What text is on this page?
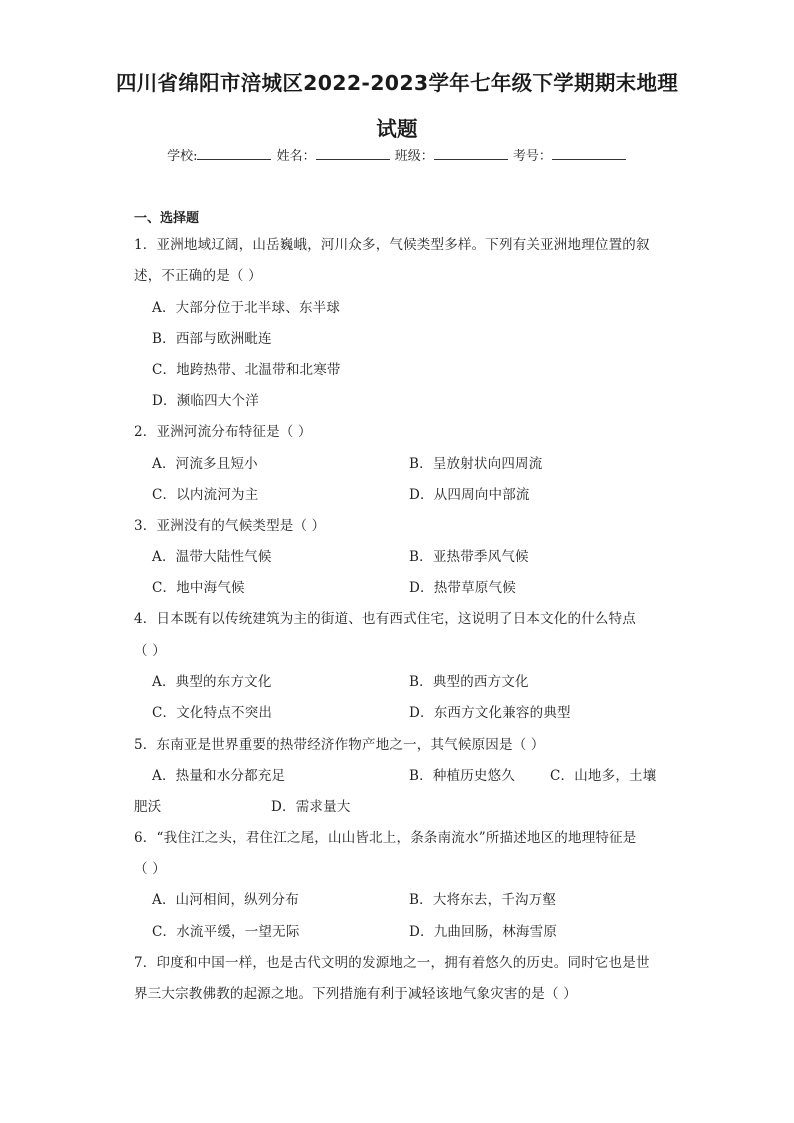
四川省绵阳市涪城区2022-2023学年七年级下学期期末地理
试题
学校:	姓名：	班级：	考号：
一、选择题
1．亚洲地域辽阔，山岳巍峨，河川众多，气候类型多样。下列有关亚洲地理位置的叙
述，不正确的是（ ）
A．大部分位于北半球、东半球
B．西部与欧洲毗连
C．地跨热带、北温带和北寒带
D．濒临四大个洋
2．亚洲河流分布特征是（ ）
A．河流多且短小	B．呈放射状向四周流
C．以内流河为主	D．从四周向中部流
3．亚洲没有的气候类型是（ ）
A．温带大陆性气候	B．亚热带季风气候
C．地中海气候	D．热带草原气候
4．日本既有以传统建筑为主的街道、也有西式住宅，这说明了日本文化的什么特点
（ ）
A．典型的东方文化	B．典型的西方文化
C．文化特点不突出	D．东西方文化兼容的典型
5．东南亚是世界重要的热带经济作物产地之一，其气候原因是（ ）
A．热量和水分都充足	B．种植历史悠久	C．山地多，土壤
肥沃	D．需求量大
6．“我住江之头，君住江之尾，山山皆北上，条条南流水”所描述地区的地理特征是
（ ）
A．山河相间，纵列分布	B．大将东去，千沟万壑
C．水流平缓，一望无际	D．九曲回肠，林海雪原
7．印度和中国一样，也是古代文明的发源地之一，拥有着悠久的历史。同时它也是世
界三大宗教佛教的起源之地。下列措施有利于减轻该地气象灾害的是（ ）
